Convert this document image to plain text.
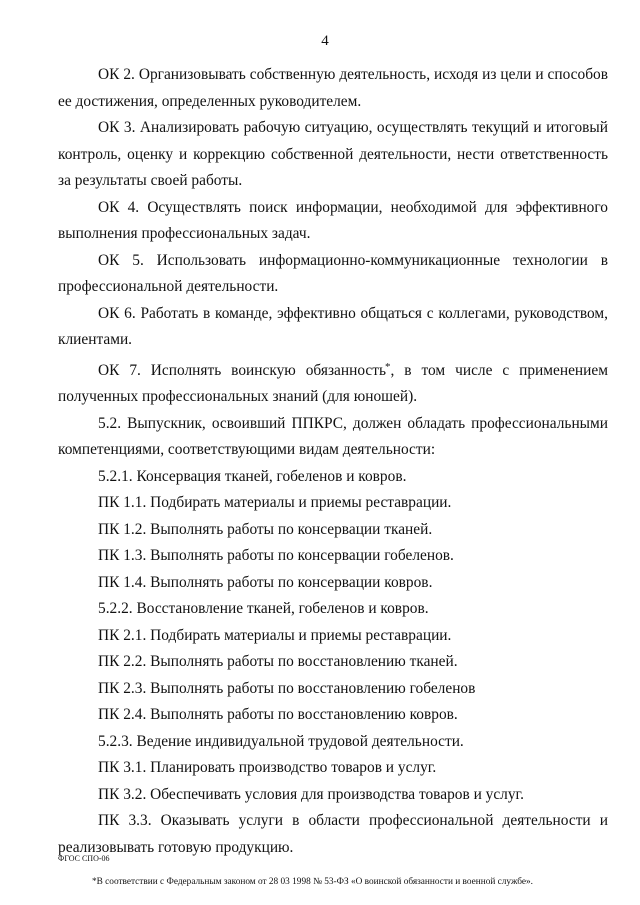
4

ОК 2. Организовывать собственную деятельность, исходя из цели и способов ее достижения, определенных руководителем.

ОК 3. Анализировать рабочую ситуацию, осуществлять текущий и итоговый контроль, оценку и коррекцию собственной деятельности, нести ответственность за результаты своей работы.

ОК 4. Осуществлять поиск информации, необходимой для эффективного выполнения профессиональных задач.

ОК 5. Использовать информационно-коммуникационные технологии в профессиональной деятельности.

ОК 6. Работать в команде, эффективно общаться с коллегами, руководством, клиентами.

ОК 7. Исполнять воинскую обязанность*, в том числе с применением полученных профессиональных знаний (для юношей).

5.2. Выпускник, освоивший ППКРС, должен обладать профессиональными компетенциями, соответствующими видам деятельности:

5.2.1. Консервация тканей, гобеленов и ковров.

ПК 1.1. Подбирать материалы и приемы реставрации.

ПК 1.2. Выполнять работы по консервации тканей.

ПК 1.3. Выполнять работы по консервации гобеленов.

ПК 1.4. Выполнять работы по консервации ковров.

5.2.2. Восстановление тканей, гобеленов и ковров.

ПК 2.1. Подбирать материалы и приемы реставрации.

ПК 2.2. Выполнять работы по восстановлению тканей.

ПК 2.3. Выполнять работы по восстановлению гобеленов

ПК 2.4. Выполнять работы по восстановлению ковров.

5.2.3. Ведение индивидуальной трудовой деятельности.

ПК 3.1. Планировать производство товаров и услуг.

ПК 3.2. Обеспечивать условия для производства товаров и услуг.

ПК 3.3. Оказывать услуги в области профессиональной деятельности и реализовывать готовую продукцию.

ФГОС СПО-06
*В соответствии с Федеральным законом от 28 03 1998 № 53-ФЗ «О воинской обязанности и военной службе».
